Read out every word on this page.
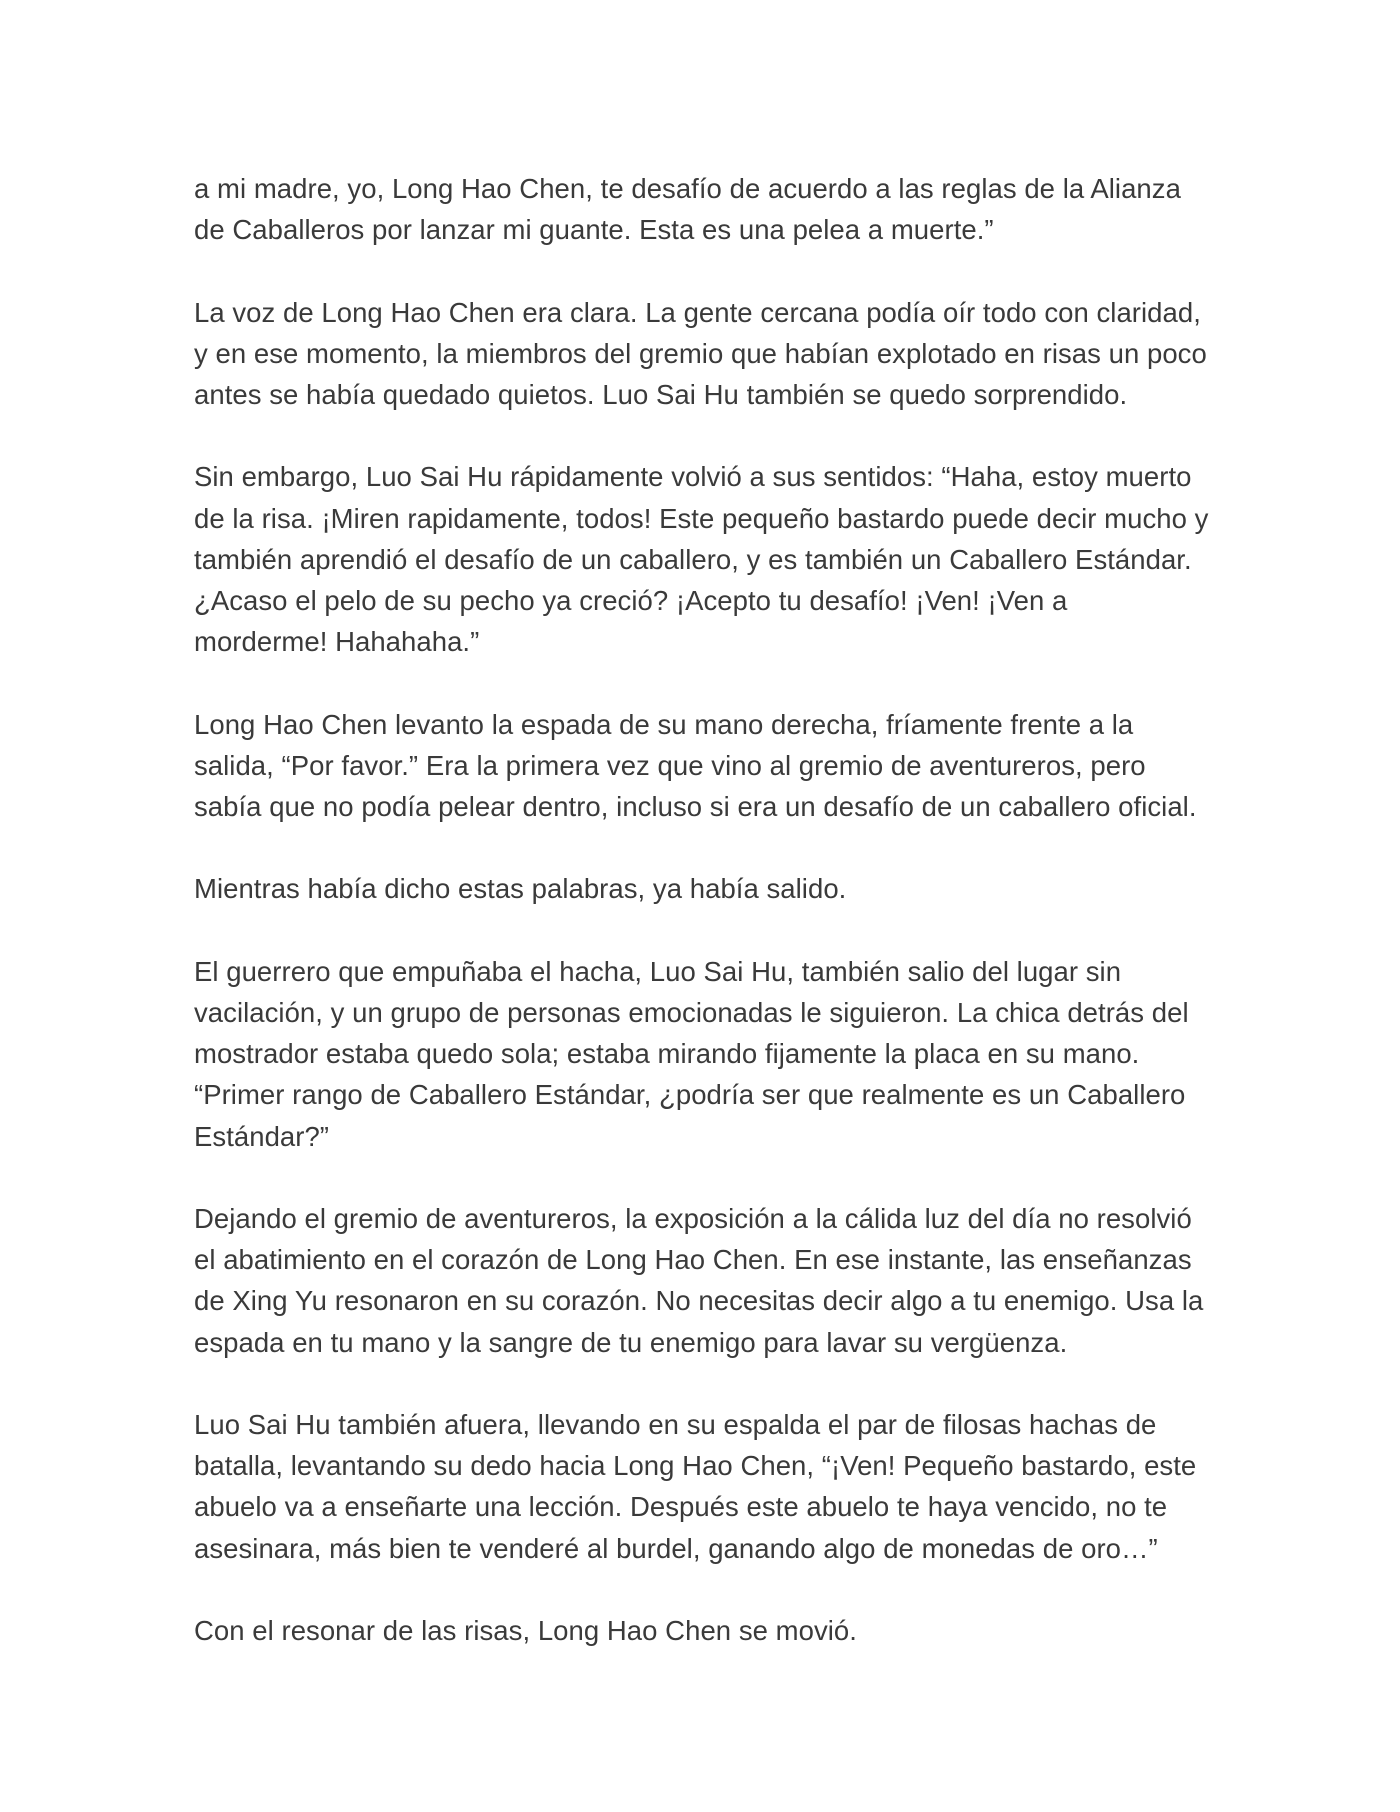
a mi madre, yo, Long Hao Chen, te desafío de acuerdo a las reglas de la Alianza
de Caballeros por lanzar mi guante. Esta es una pelea a muerte.”

La voz de Long Hao Chen era clara. La gente cercana podía oír todo con claridad,
y en ese momento, la miembros del gremio que habían explotado en risas un poco
antes se había quedado quietos. Luo Sai Hu también se quedo sorprendido.

Sin embargo, Luo Sai Hu rápidamente volvió a sus sentidos: “Haha, estoy muerto
de la risa. ¡Miren rapidamente, todos! Este pequeño bastardo puede decir mucho y
también aprendió el desafío de un caballero, y es también un Caballero Estándar.
¿Acaso el pelo de su pecho ya creció? ¡Acepto tu desafío! ¡Ven! ¡Ven a
morderme! Hahahaha.”

Long Hao Chen levanto la espada de su mano derecha, fríamente frente a la
salida, “Por favor.” Era la primera vez que vino al gremio de aventureros, pero
sabía que no podía pelear dentro, incluso si era un desafío de un caballero oficial.

Mientras había dicho estas palabras, ya había salido.

El guerrero que empuñaba el hacha, Luo Sai Hu, también salio del lugar sin
vacilación, y un grupo de personas emocionadas le siguieron. La chica detrás del
mostrador estaba quedo sola; estaba mirando fijamente la placa en su mano.
“Primer rango de Caballero Estándar, ¿podría ser que realmente es un Caballero
Estándar?”

Dejando el gremio de aventureros, la exposición a la cálida luz del día no resolvió
el abatimiento en el corazón de Long Hao Chen. En ese instante, las enseñanzas
de Xing Yu resonaron en su corazón. No necesitas decir algo a tu enemigo. Usa la
espada en tu mano y la sangre de tu enemigo para lavar su vergüenza.

Luo Sai Hu también afuera, llevando en su espalda el par de filosas hachas de
batalla, levantando su dedo hacia Long Hao Chen, “¡Ven! Pequeño bastardo, este
abuelo va a enseñarte una lección. Después este abuelo te haya vencido, no te
asesinara, más bien te venderé al burdel, ganando algo de monedas de oro…”

Con el resonar de las risas, Long Hao Chen se movió.
